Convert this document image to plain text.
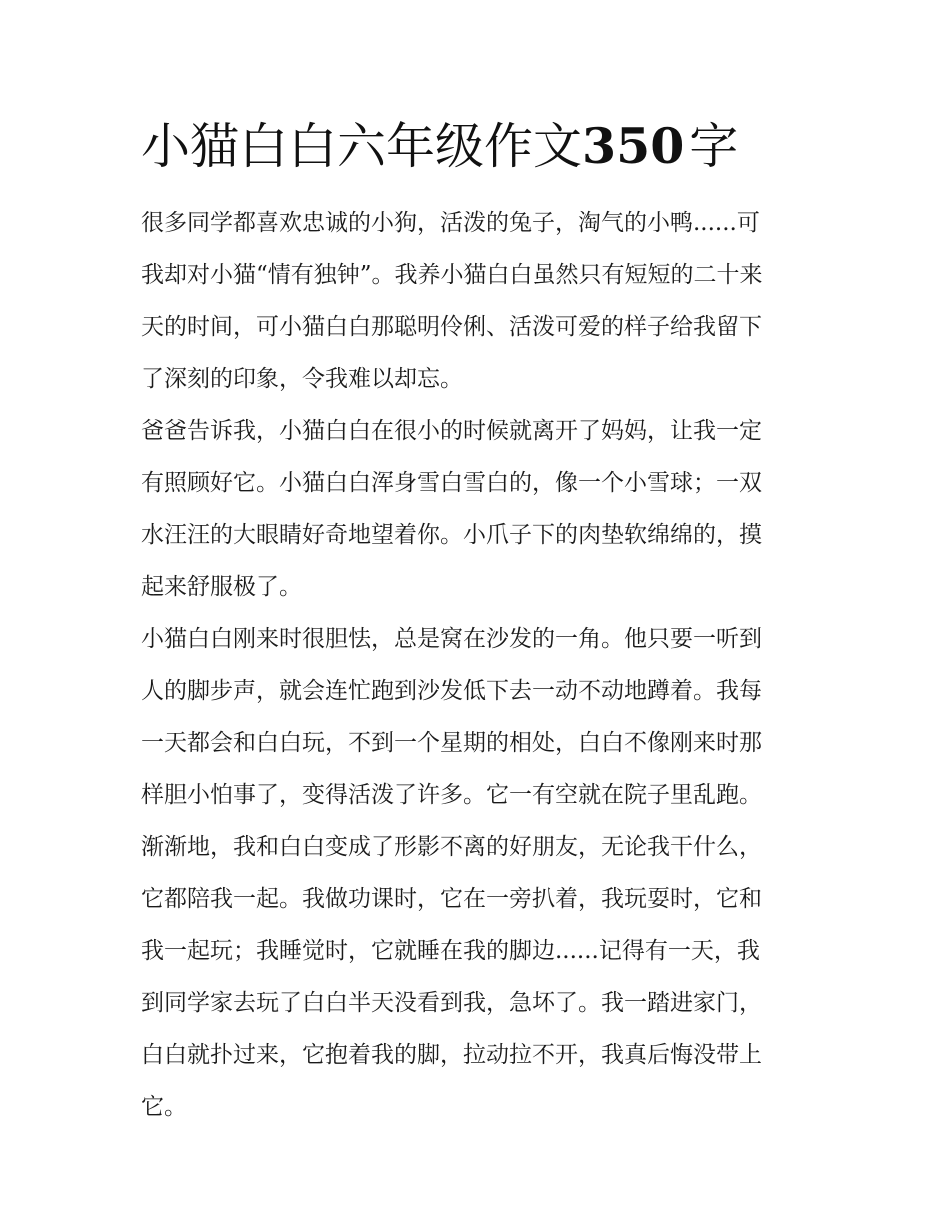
小猫白白六年级作文350 字
很多同学都喜欢忠诚的小狗，活泼的兔子，淘气的小鸭......可
我却对小猫“情有独钟”。我养小猫白白虽然只有短短的二十来
天的时间，可小猫白白那聪明伶俐、活泼可爱的样子给我留下
了深刻的印象，令我难以却忘。
爸爸告诉我，小猫白白在很小的时候就离开了妈妈，让我一定
有照顾好它。小猫白白浑身雪白雪白的，像一个小雪球；一双
水汪汪的大眼睛好奇地望着你。小爪子下的肉垫软绵绵的，摸
起来舒服极了。
小猫白白刚来时很胆怯，总是窝在沙发的一角。他只要一听到
人的脚步声，就会连忙跑到沙发低下去一动不动地蹲着。我每
一天都会和白白玩，不到一个星期的相处，白白不像刚来时那
样胆小怕事了，变得活泼了许多。它一有空就在院子里乱跑。
渐渐地，我和白白变成了形影不离的好朋友，无论我干什么，
它都陪我一起。我做功课时，它在一旁扒着，我玩耍时，它和
我一起玩；我睡觉时，它就睡在我的脚边......记得有一天，我
到同学家去玩了白白半天没看到我，急坏了。我一踏进家门，
白白就扑过来，它抱着我的脚，拉动拉不开，我真后悔没带上
它。
